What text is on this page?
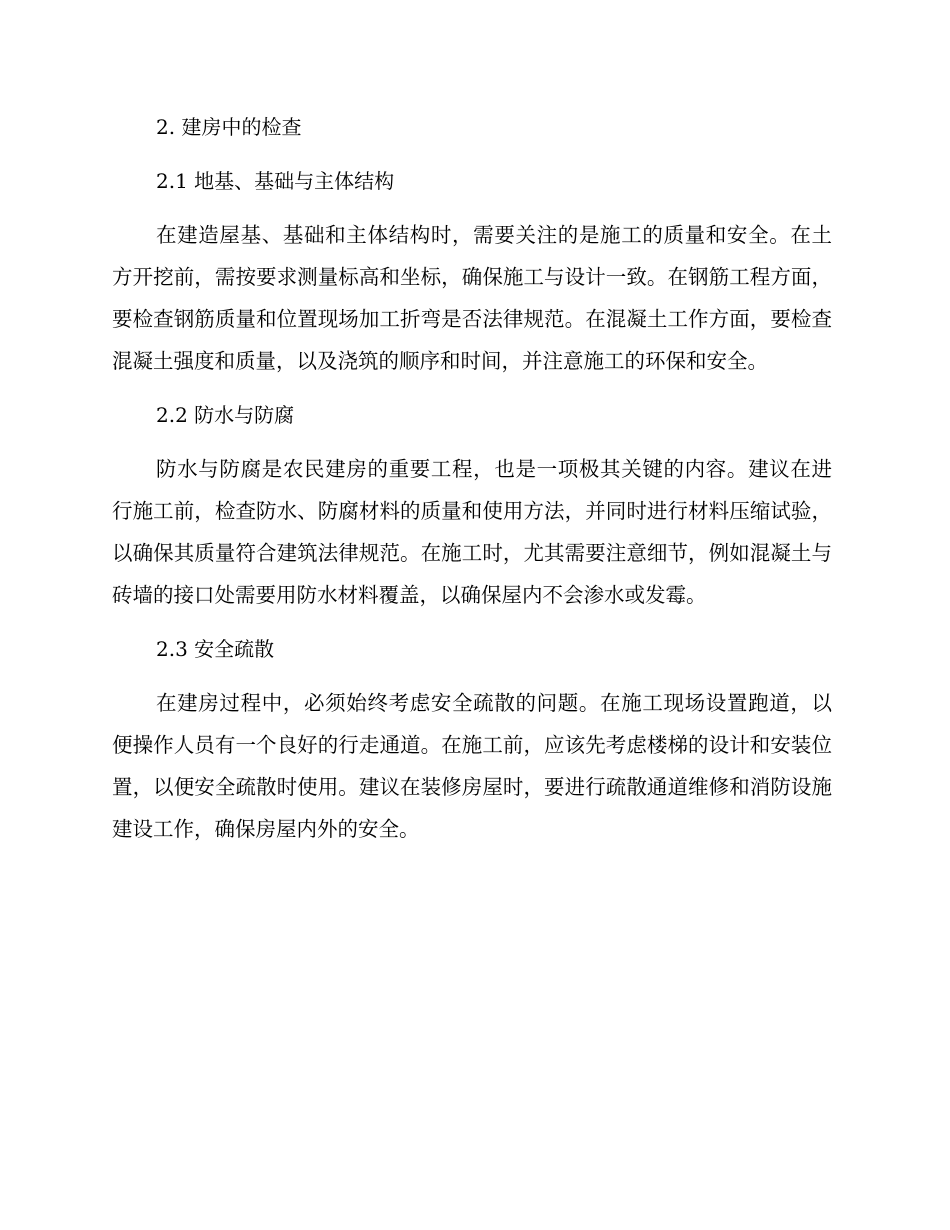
2. 建房中的检查
2.1 地基、基础与主体结构

在建造屋基、基础和主体结构时，需要关注的是施工的质量和安全。在土方开挖前，需按要求测量标高和坐标，确保施工与设计一致。在钢筋工程方面，要检查钢筋质量和位置现场加工折弯是否法律规范。在混凝土工作方面，要检查混凝土强度和质量，以及浇筑的顺序和时间，并注意施工的环保和安全。

2.2 防水与防腐

防水与防腐是农民建房的重要工程，也是一项极其关键的内容。建议在进行施工前，检查防水、防腐材料的质量和使用方法，并同时进行材料压缩试验，以确保其质量符合建筑法律规范。在施工时，尤其需要注意细节，例如混凝土与砖墙的接口处需要用防水材料覆盖，以确保屋内不会渗水或发霉。

2.3 安全疏散

在建房过程中，必须始终考虑安全疏散的问题。在施工现场设置跑道，以便操作人员有一个良好的行走通道。在施工前，应该先考虑楼梯的设计和安装位置，以便安全疏散时使用。建议在装修房屋时，要进行疏散通道维修和消防设施建设工作，确保房屋内外的安全。
